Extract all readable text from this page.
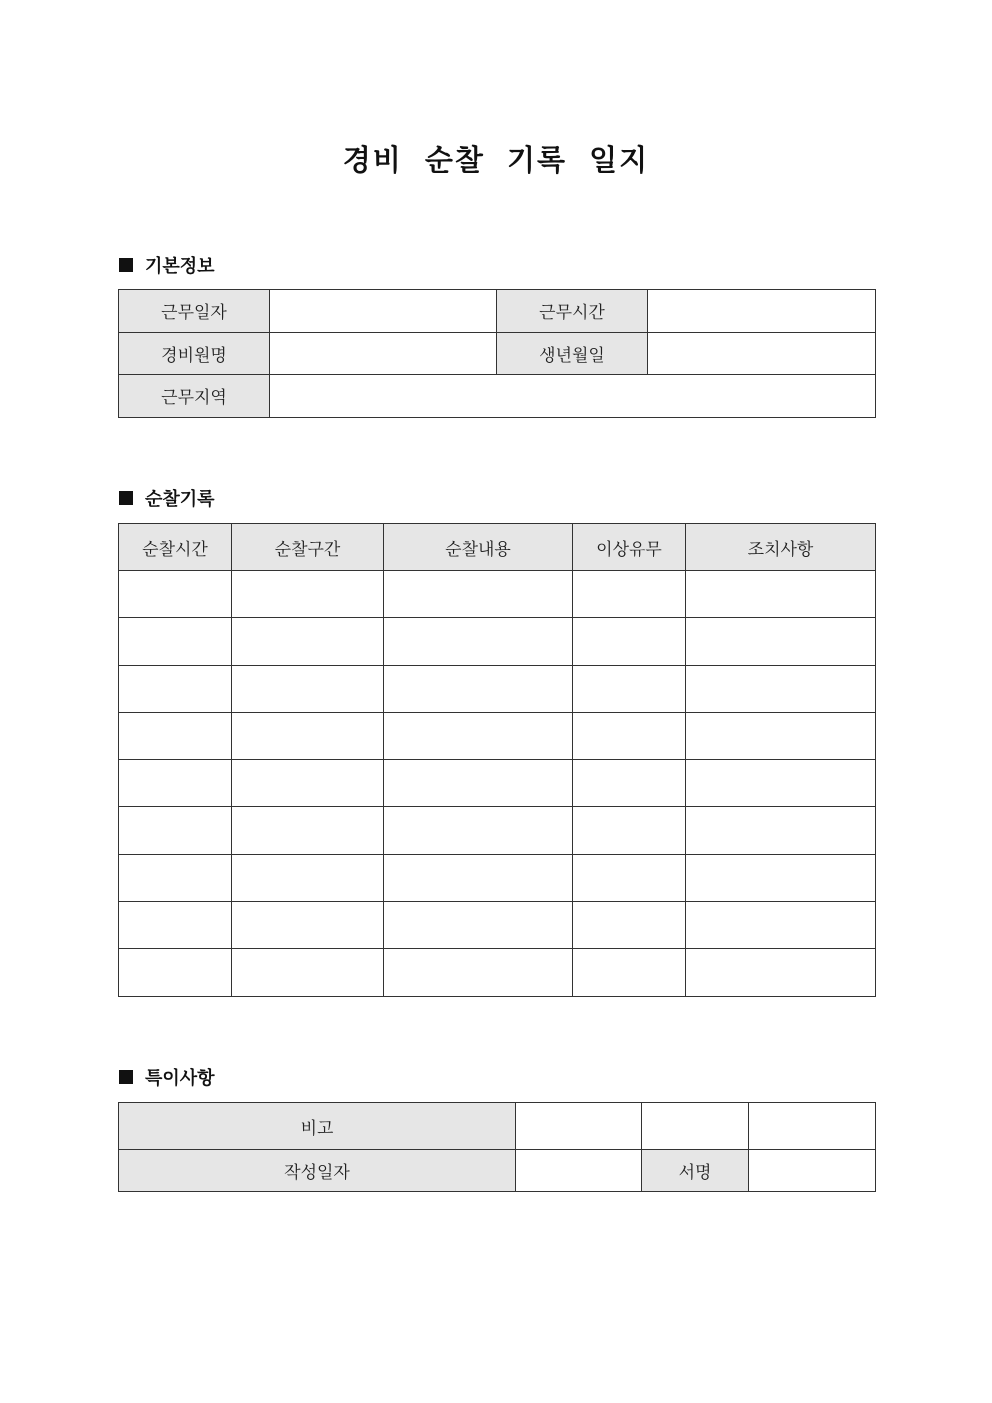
경비 순찰 기록 일지
기본정보
근무일자		근무시간	
경비원명		생년월일	
근무지역			
순찰기록
순찰시간	순찰구간	순찰내용	이상유무	조치사항

특이사항
비고			
작성일자		서명	
